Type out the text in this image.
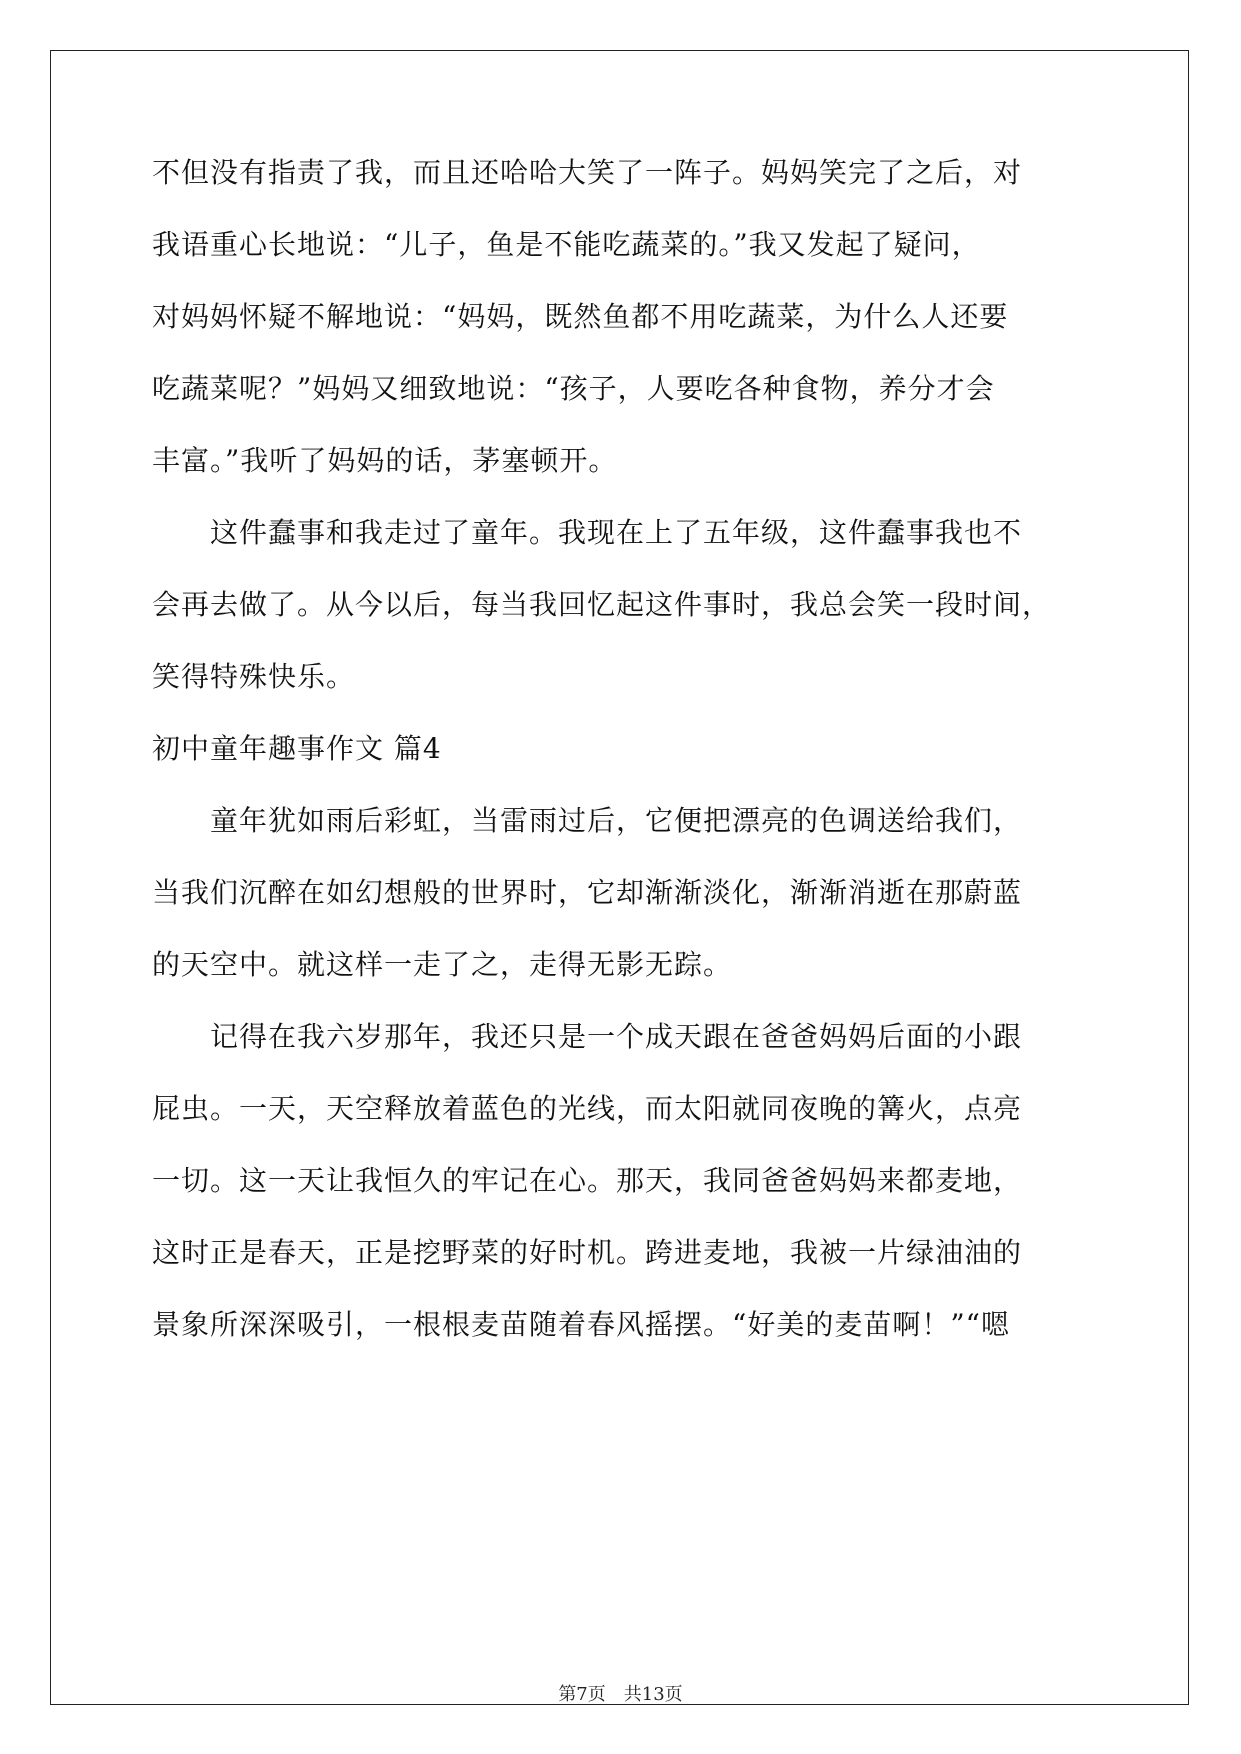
不但没有指责了我，而且还哈哈大笑了一阵子。妈妈笑完了之后，对
我语重心长地说：“儿子，鱼是不能吃蔬菜的。”我又发起了疑问，
对妈妈怀疑不解地说：“妈妈，既然鱼都不用吃蔬菜，为什么人还要
吃蔬菜呢？”妈妈又细致地说：“孩子，人要吃各种食物，养分才会
丰富。”我听了妈妈的话，茅塞顿开。
　　这件蠢事和我走过了童年。我现在上了五年级，这件蠢事我也不
会再去做了。从今以后，每当我回忆起这件事时，我总会笑一段时间，
笑得特殊快乐。
初中童年趣事作文 篇4
　　童年犹如雨后彩虹，当雷雨过后，它便把漂亮的色调送给我们，
当我们沉醉在如幻想般的世界时，它却渐渐淡化，渐渐消逝在那蔚蓝
的天空中。就这样一走了之，走得无影无踪。
　　记得在我六岁那年，我还只是一个成天跟在爸爸妈妈后面的小跟
屁虫。一天，天空释放着蓝色的光线，而太阳就同夜晚的篝火，点亮
一切。这一天让我恒久的牢记在心。那天，我同爸爸妈妈来都麦地，
这时正是春天，正是挖野菜的好时机。跨进麦地，我被一片绿油油的
景象所深深吸引，一根根麦苗随着春风摇摆。“好美的麦苗啊！”“嗯
第7页　共13页
